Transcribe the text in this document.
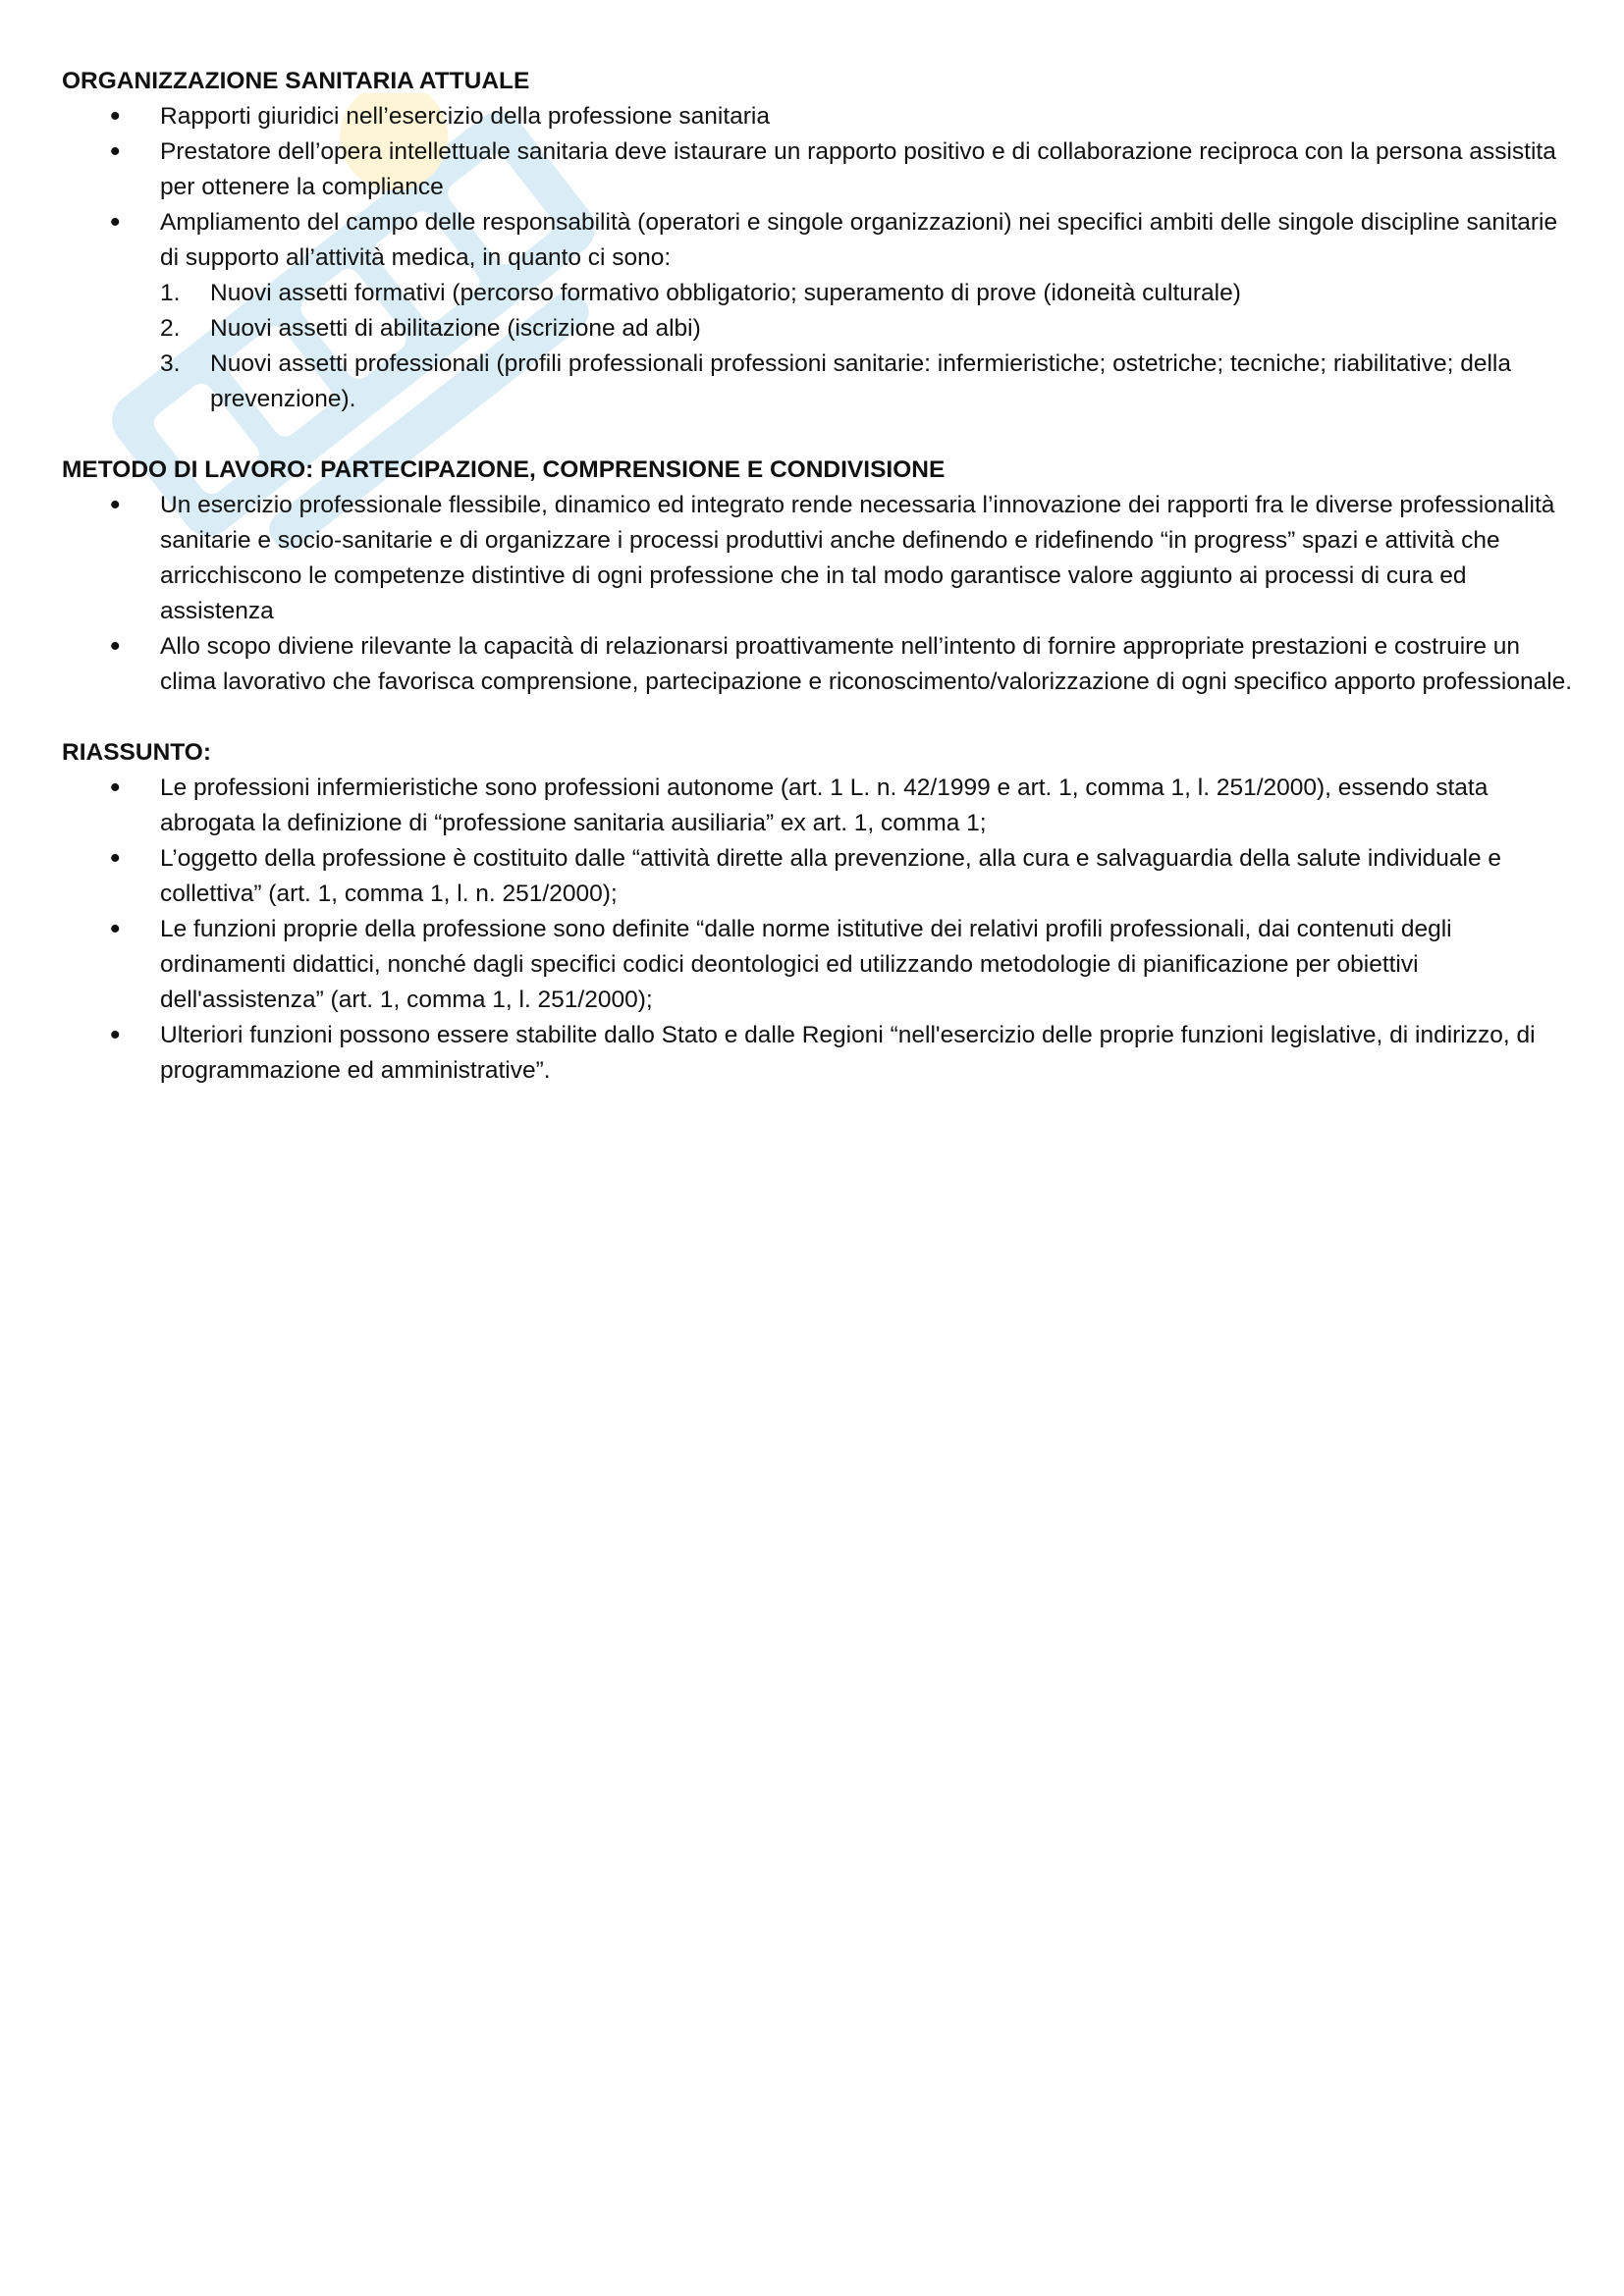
ORGANIZZAZIONE SANITARIA ATTUALE

• Rapporti giuridici nell’esercizio della professione sanitaria
• Prestatore dell’opera intellettuale sanitaria deve istaurare un rapporto positivo e di collaborazione reciproca con la persona assistita per ottenere la compliance
• Ampliamento del campo delle responsabilità (operatori e singole organizzazioni) nei specifici ambiti delle singole discipline sanitarie di supporto all’attività medica, in quanto ci sono:
1. Nuovi assetti formativi (percorso formativo obbligatorio; superamento di prove (idoneità culturale)
2. Nuovi assetti di abilitazione (iscrizione ad albi)
3. Nuovi assetti professionali (profili professionali professioni sanitarie: infermieristiche; ostetriche; tecniche; riabilitative; della prevenzione).

METODO DI LAVORO: PARTECIPAZIONE, COMPRENSIONE E CONDIVISIONE

• Un esercizio professionale flessibile, dinamico ed integrato rende necessaria l’innovazione dei rapporti fra le diverse professionalità sanitarie e socio-sanitarie e di organizzare i processi produttivi anche definendo e ridefinendo “in progress” spazi e attività che arricchiscono le competenze distintive di ogni professione che in tal modo garantisce valore aggiunto ai processi di cura ed assistenza
• Allo scopo diviene rilevante la capacità di relazionarsi proattivamente nell’intento di fornire appropriate prestazioni e costruire un clima lavorativo che favorisca comprensione, partecipazione e riconoscimento/valorizzazione di ogni specifico apporto professionale.

RIASSUNTO:

• Le professioni infermieristiche sono professioni autonome (art. 1 L. n. 42/1999 e art. 1, comma 1, l. 251/2000), essendo stata abrogata la definizione di “professione sanitaria ausiliaria” ex art. 1, comma 1;
• L’oggetto della professione è costituito dalle “attività dirette alla prevenzione, alla cura e salvaguardia della salute individuale e collettiva” (art. 1, comma 1, l. n. 251/2000);
• Le funzioni proprie della professione sono definite “dalle norme istitutive dei relativi profili professionali, dai contenuti degli ordinamenti didattici, nonché dagli specifici codici deontologici ed utilizzando metodologie di pianificazione per obiettivi dell'assistenza” (art. 1, comma 1, l. 251/2000);
• Ulteriori funzioni possono essere stabilite dallo Stato e dalle Regioni “nell'esercizio delle proprie funzioni legislative, di indirizzo, di programmazione ed amministrative”.
